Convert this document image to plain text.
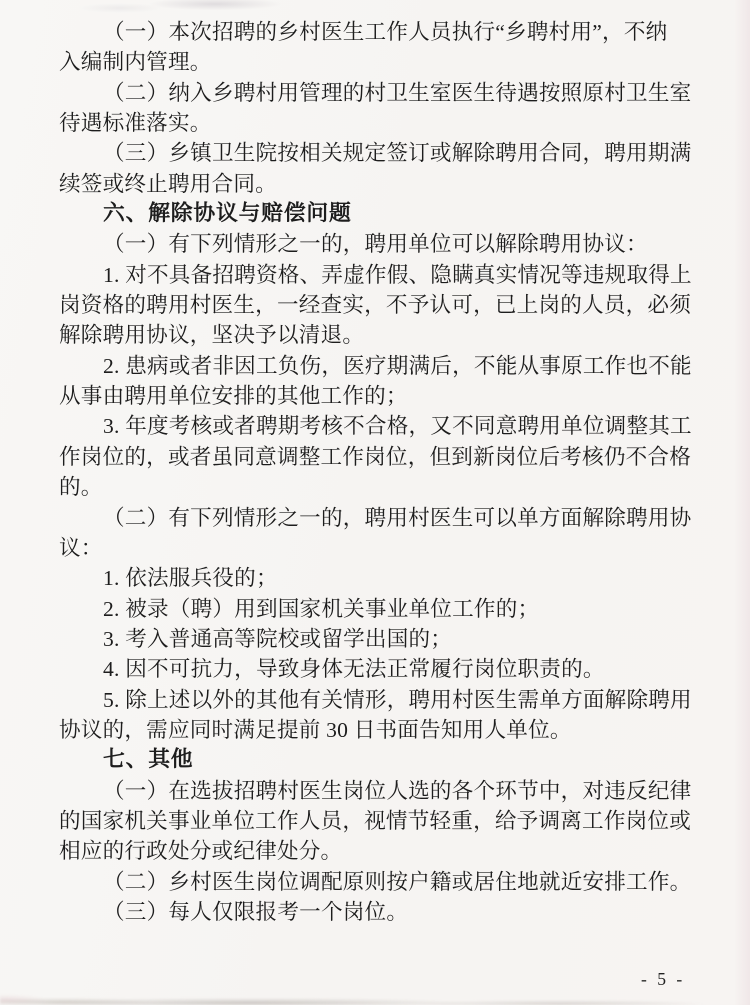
（一）本次招聘的乡村医生工作人员执行“乡聘村用”，不纳
入编制内管理。
（二）纳入乡聘村用管理的村卫生室医生待遇按照原村卫生室
待遇标准落实。
（三）乡镇卫生院按相关规定签订或解除聘用合同，聘用期满
续签或终止聘用合同。
六、解除协议与赔偿问题
（一）有下列情形之一的，聘用单位可以解除聘用协议：
1. 对不具备招聘资格、弄虚作假、隐瞒真实情况等违规取得上
岗资格的聘用村医生，一经查实，不予认可，已上岗的人员，必须
解除聘用协议，坚决予以清退。
2. 患病或者非因工负伤，医疗期满后，不能从事原工作也不能
从事由聘用单位安排的其他工作的；
3. 年度考核或者聘期考核不合格，又不同意聘用单位调整其工
作岗位的，或者虽同意调整工作岗位，但到新岗位后考核仍不合格
的。
（二）有下列情形之一的，聘用村医生可以单方面解除聘用协
议：
1. 依法服兵役的；
2. 被录（聘）用到国家机关事业单位工作的；
3. 考入普通高等院校或留学出国的；
4. 因不可抗力，导致身体无法正常履行岗位职责的。
5. 除上述以外的其他有关情形，聘用村医生需单方面解除聘用
协议的，需应同时满足提前 30 日书面告知用人单位。
七、其他
（一）在选拔招聘村医生岗位人选的各个环节中，对违反纪律
的国家机关事业单位工作人员，视情节轻重，给予调离工作岗位或
相应的行政处分或纪律处分。
（二）乡村医生岗位调配原则按户籍或居住地就近安排工作。
（三）每人仅限报考一个岗位。
- 5 -
